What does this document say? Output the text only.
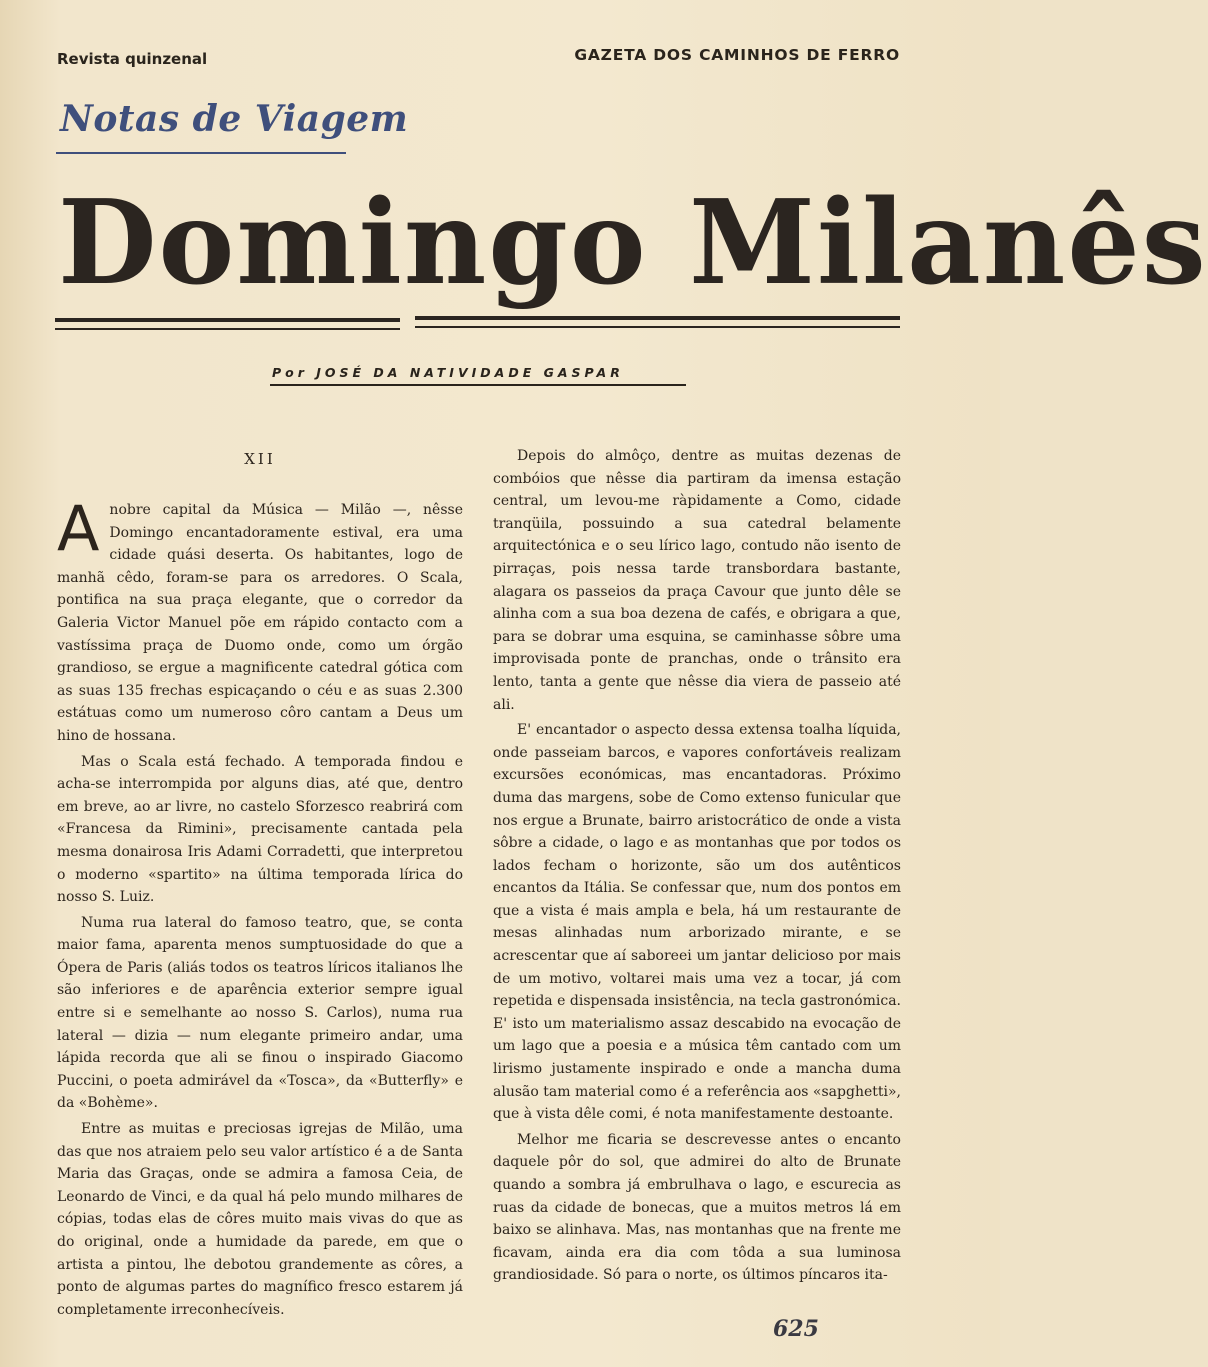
Revista quinzenal	GAZETA DOS CAMINHOS DE FERRO
Notas de Viagem
Domingo Milanês
Por JOSÉ DA NATIVIDADE GASPAR
XII

Anobre capital da Música — Milão —, nêsse Domingo encantadoramente estival, era uma cidade quási deserta. Os habitantes, logo de manhã cêdo, foram-se para os arredores. O Scala, pontifica na sua praça elegante, que o corredor da Galeria Victor Manuel põe em rápido contacto com a vastíssima praça de Duomo onde, como um órgão grandioso, se ergue a magnificente catedral gótica com as suas 135 frechas espicaçando o céu e as suas 2.300 estátuas como um numeroso côro cantam a Deus um hino de hossana.

Mas o Scala está fechado. A temporada findou e acha-se interrompida por alguns dias, até que, dentro em breve, ao ar livre, no castelo Sforzesco reabrirá com «Francesa da Rimini», precisamente cantada pela mesma donairosa Iris Adami Corradetti, que interpretou o moderno «spartito» na última temporada lírica do nosso S. Luiz.

Numa rua lateral do famoso teatro, que, se conta maior fama, aparenta menos sumptuosidade do que a Ópera de Paris (aliás todos os teatros líricos italianos lhe são inferiores e de aparência exterior sempre igual entre si e semelhante ao nosso S. Carlos), numa rua lateral — dizia — num elegante primeiro andar, uma lápida recorda que ali se finou o inspirado Giacomo Puccini, o poeta admirável da «Tosca», da «Butterfly» e da «Bohème».

Entre as muitas e preciosas igrejas de Milão, uma das que nos atraiem pelo seu valor artístico é a de Santa Maria das Graças, onde se admira a famosa Ceia, de Leonardo de Vinci, e da qual há pelo mundo milhares de cópias, todas elas de côres muito mais vivas do que as do original, onde a humidade da parede, em que o artista a pintou, lhe debotou grandemente as côres, a ponto de algumas partes do magnífico fresco estarem já completamente irreconhecíveis.

Depois do almôço, dentre as muitas dezenas de combóios que nêsse dia partiram da imensa estação central, um levou-me ràpidamente a Como, cidade tranqüila, possuindo a sua catedral belamente arquitectónica e o seu lírico lago, contudo não isento de pirraças, pois nessa tarde transbordara bastante, alagara os passeios da praça Cavour que junto dêle se alinha com a sua boa dezena de cafés, e obrigara a que, para se dobrar uma esquina, se caminhasse sôbre uma improvisada ponte de pranchas, onde o trânsito era lento, tanta a gente que nêsse dia viera de passeio até ali.

E' encantador o aspecto dessa extensa toalha líquida, onde passeiam barcos, e vapores confortáveis realizam excursões económicas, mas encantadoras. Próximo duma das margens, sobe de Como extenso funicular que nos ergue a Brunate, bairro aristocrático de onde a vista sôbre a cidade, o lago e as montanhas que por todos os lados fecham o horizonte, são um dos autênticos encantos da Itália. Se confessar que, num dos pontos em que a vista é mais ampla e bela, há um restaurante de mesas alinhadas num arborizado mirante, e se acrescentar que aí saboreei um jantar delicioso por mais de um motivo, voltarei mais uma vez a tocar, já com repetida e dispensada insistência, na tecla gastronómica. E' isto um materialismo assaz descabido na evocação de um lago que a poesia e a música têm cantado com um lirismo justamente inspirado e onde a mancha duma alusão tam material como é a referência aos «sapghetti», que à vista dêle comi, é nota manifestamente destoante.

Melhor me ficaria se descrevesse antes o encanto daquele pôr do sol, que admirei do alto de Brunate quando a sombra já embrulhava o lago, e escurecia as ruas da cidade de bonecas, que a muitos metros lá em baixo se alinhava. Mas, nas montanhas que na frente me ficavam, ainda era dia com tôda a sua luminosa grandiosidade. Só para o norte, os últimos píncaros ita-

625
